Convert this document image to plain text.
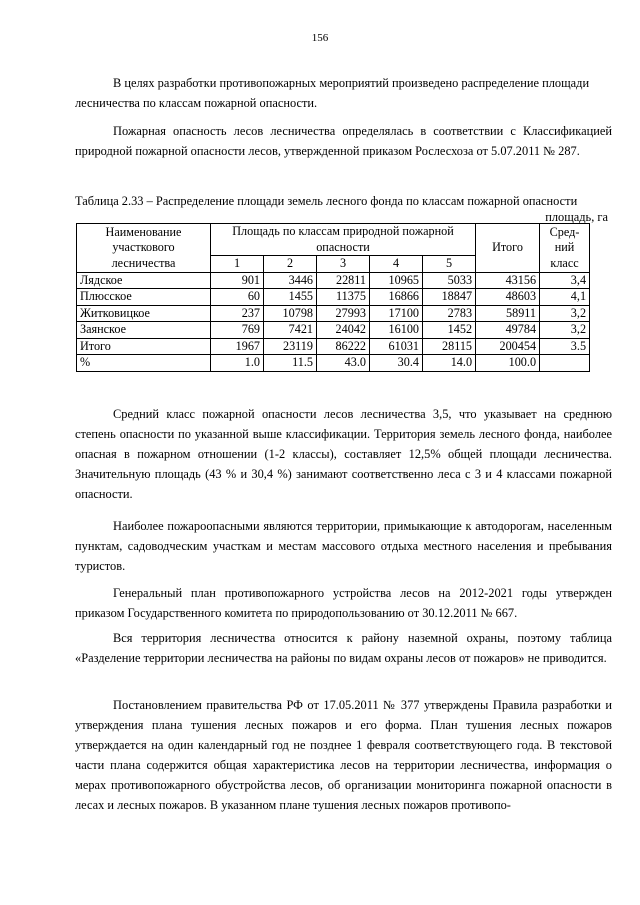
156

В целях разработки противопожарных мероприятий произведено распределение площади лесничества по классам пожарной опасности.

Пожарная опасность лесов лесничества определялась в соответствии с Классификацией природной пожарной опасности лесов, утвержденной приказом Рослесхоза от 5.07.2011 № 287.

Таблица 2.33 – Распределение площади земель лесного фонда по классам пожарной опасности
площадь, га
Наименование участкового лесничества	Площадь по классам природной пожарной опасности					Итого	Сред-ний класс
	1	2	3	4	5		
Лядское	901	3446	22811	10965	5033	43156	3,4
Плюсское	60	1455	11375	16866	18847	48603	4,1
Житковицкое	237	10798	27993	17100	2783	58911	3,2
Заянское	769	7421	24042	16100	1452	49784	3,2
Итого	1967	23119	86222	61031	28115	200454	3.5
%	1.0	11.5	43.0	30.4	14.0	100.0	

Средний класс пожарной опасности лесов лесничества 3,5, что указывает на среднюю степень опасности по указанной выше классификации. Территория земель лесного фонда, наиболее опасная в пожарном отношении (1-2 классы), составляет 12,5% общей площади лесничества. Значительную площадь (43 % и 30,4 %) занимают соответственно леса с 3 и 4 классами пожарной опасности.

Наиболее пожароопасными являются территории, примыкающие к автодорогам, населенным пунктам, садоводческим участкам и местам массового отдыха местного населения и пребывания туристов.

Генеральный план противопожарного устройства лесов на 2012-2021 годы утвержден приказом Государственного комитета по природопользованию от 30.12.2011 № 667.

Вся территория лесничества относится к району наземной охраны, поэтому таблица «Разделение территории лесничества на районы по видам охраны лесов от пожаров» не приводится.

Постановлением правительства РФ от 17.05.2011 № 377 утверждены Правила разработки и утверждения плана тушения лесных пожаров и его форма. План тушения лесных пожаров утверждается на один календарный год не позднее 1 февраля соответствующего года. В текстовой части плана содержится общая характеристика лесов на территории лесничества, информация о мерах противопожарного обустройства лесов, об организации мониторинга пожарной опасности в лесах и лесных пожаров. В указанном плане тушения лесных пожаров противопо-
